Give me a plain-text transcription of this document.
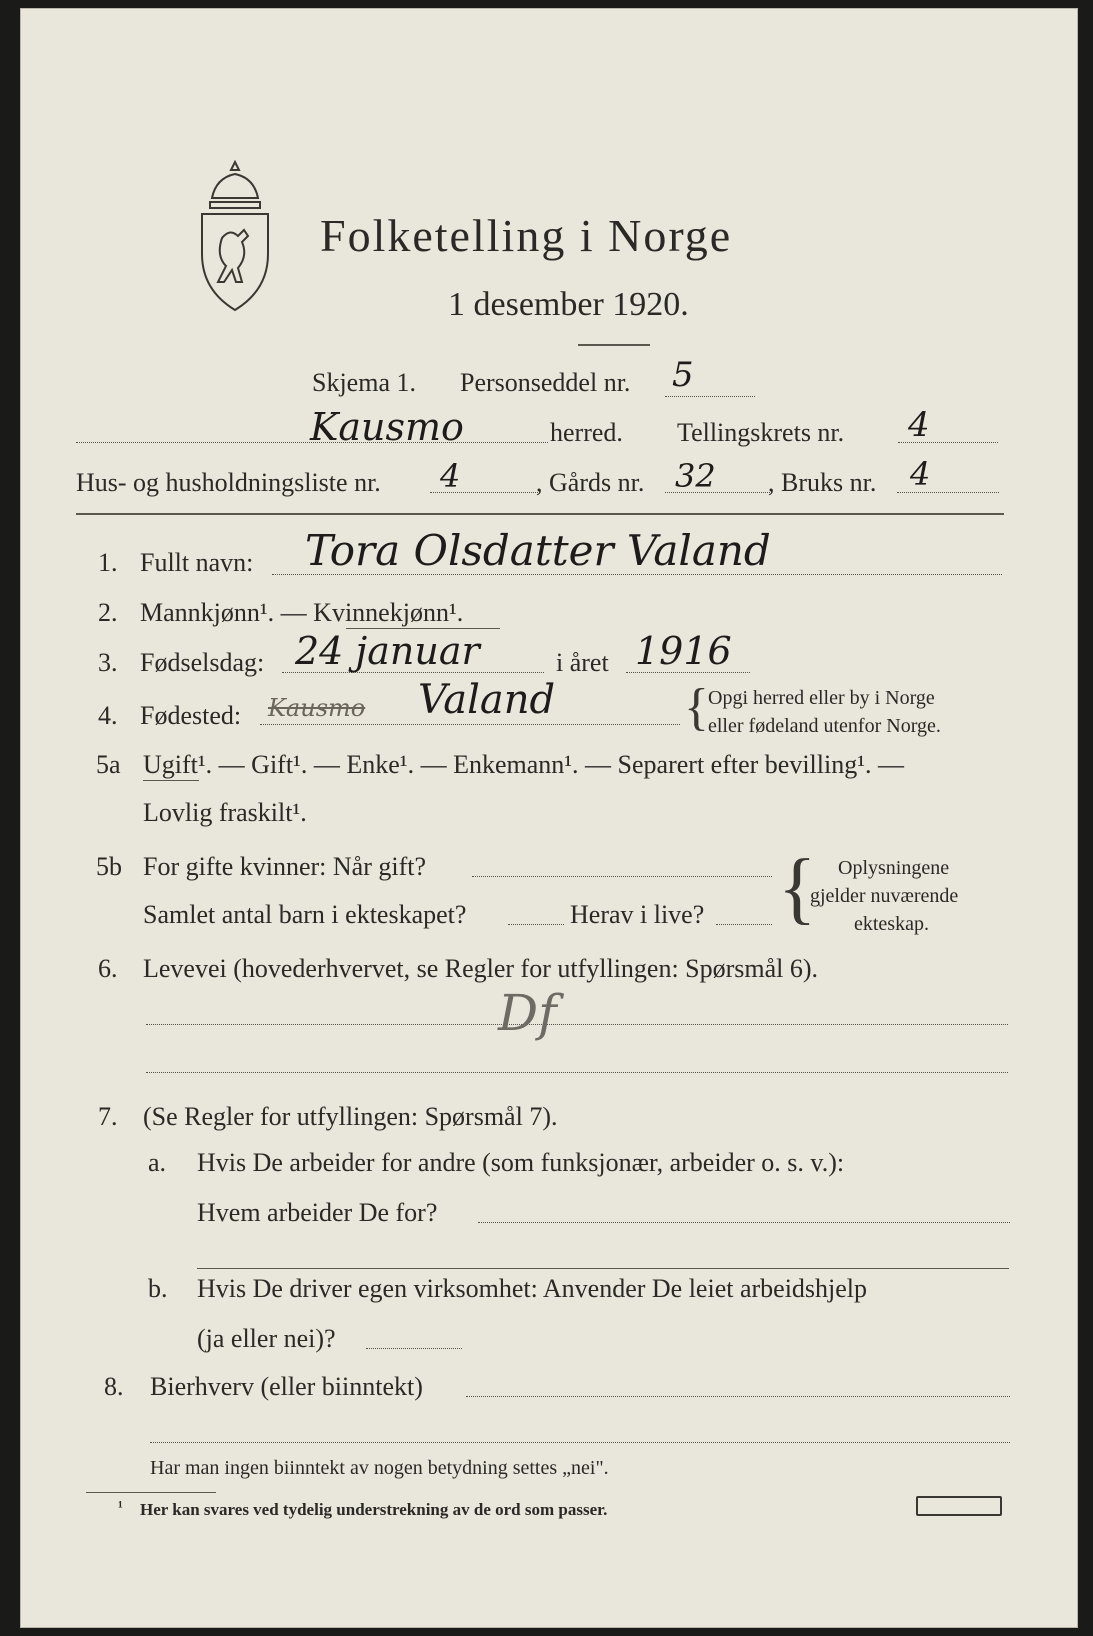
Folketelling i Norge
1 desember 1920.
Skjema 1. Personseddel nr. 5
Kausmo	herred. Tellingskrets nr. 4
Hus- og husholdningsliste nr. 4	, Gårds nr. 32 , Bruks nr. 4
1. Fullt navn: Tora Olsdatter Valand
2. Mannkjønn¹. — Kvinnekjønn¹.
3. Fødselsdag: 24 januar	i året 1916
4. Fødested: Kausmo Valand { Opgi herred eller by i Norge
eller fødeland utenfor Norge.
5a Ugift¹. — Gift¹. — Enke¹. — Enkemann¹. — Separert efter bevilling¹. —
Lovlig fraskilt¹.
5b For gifte kvinner: Når gift?
Samlet antal barn i ekteskapet?	Herav i live? { Oplysningene
gjelder nuværende
ekteskap.
6. Levevei (hovederhvervet, se Regler for utfyllingen: Spørsmål 6).
Df
7. (Se Regler for utfyllingen: Spørsmål 7).
a. Hvis De arbeider for andre (som funksjonær, arbeider o. s. v.):
Hvem arbeider De for?
b. Hvis De driver egen virksomhet: Anvender De leiet arbeidshjelp
(ja eller nei)?
8. Bierhverv (eller biinntekt)
Har man ingen biinntekt av nogen betydning settes „nei".
¹ Her kan svares ved tydelig understrekning av de ord som passer.
